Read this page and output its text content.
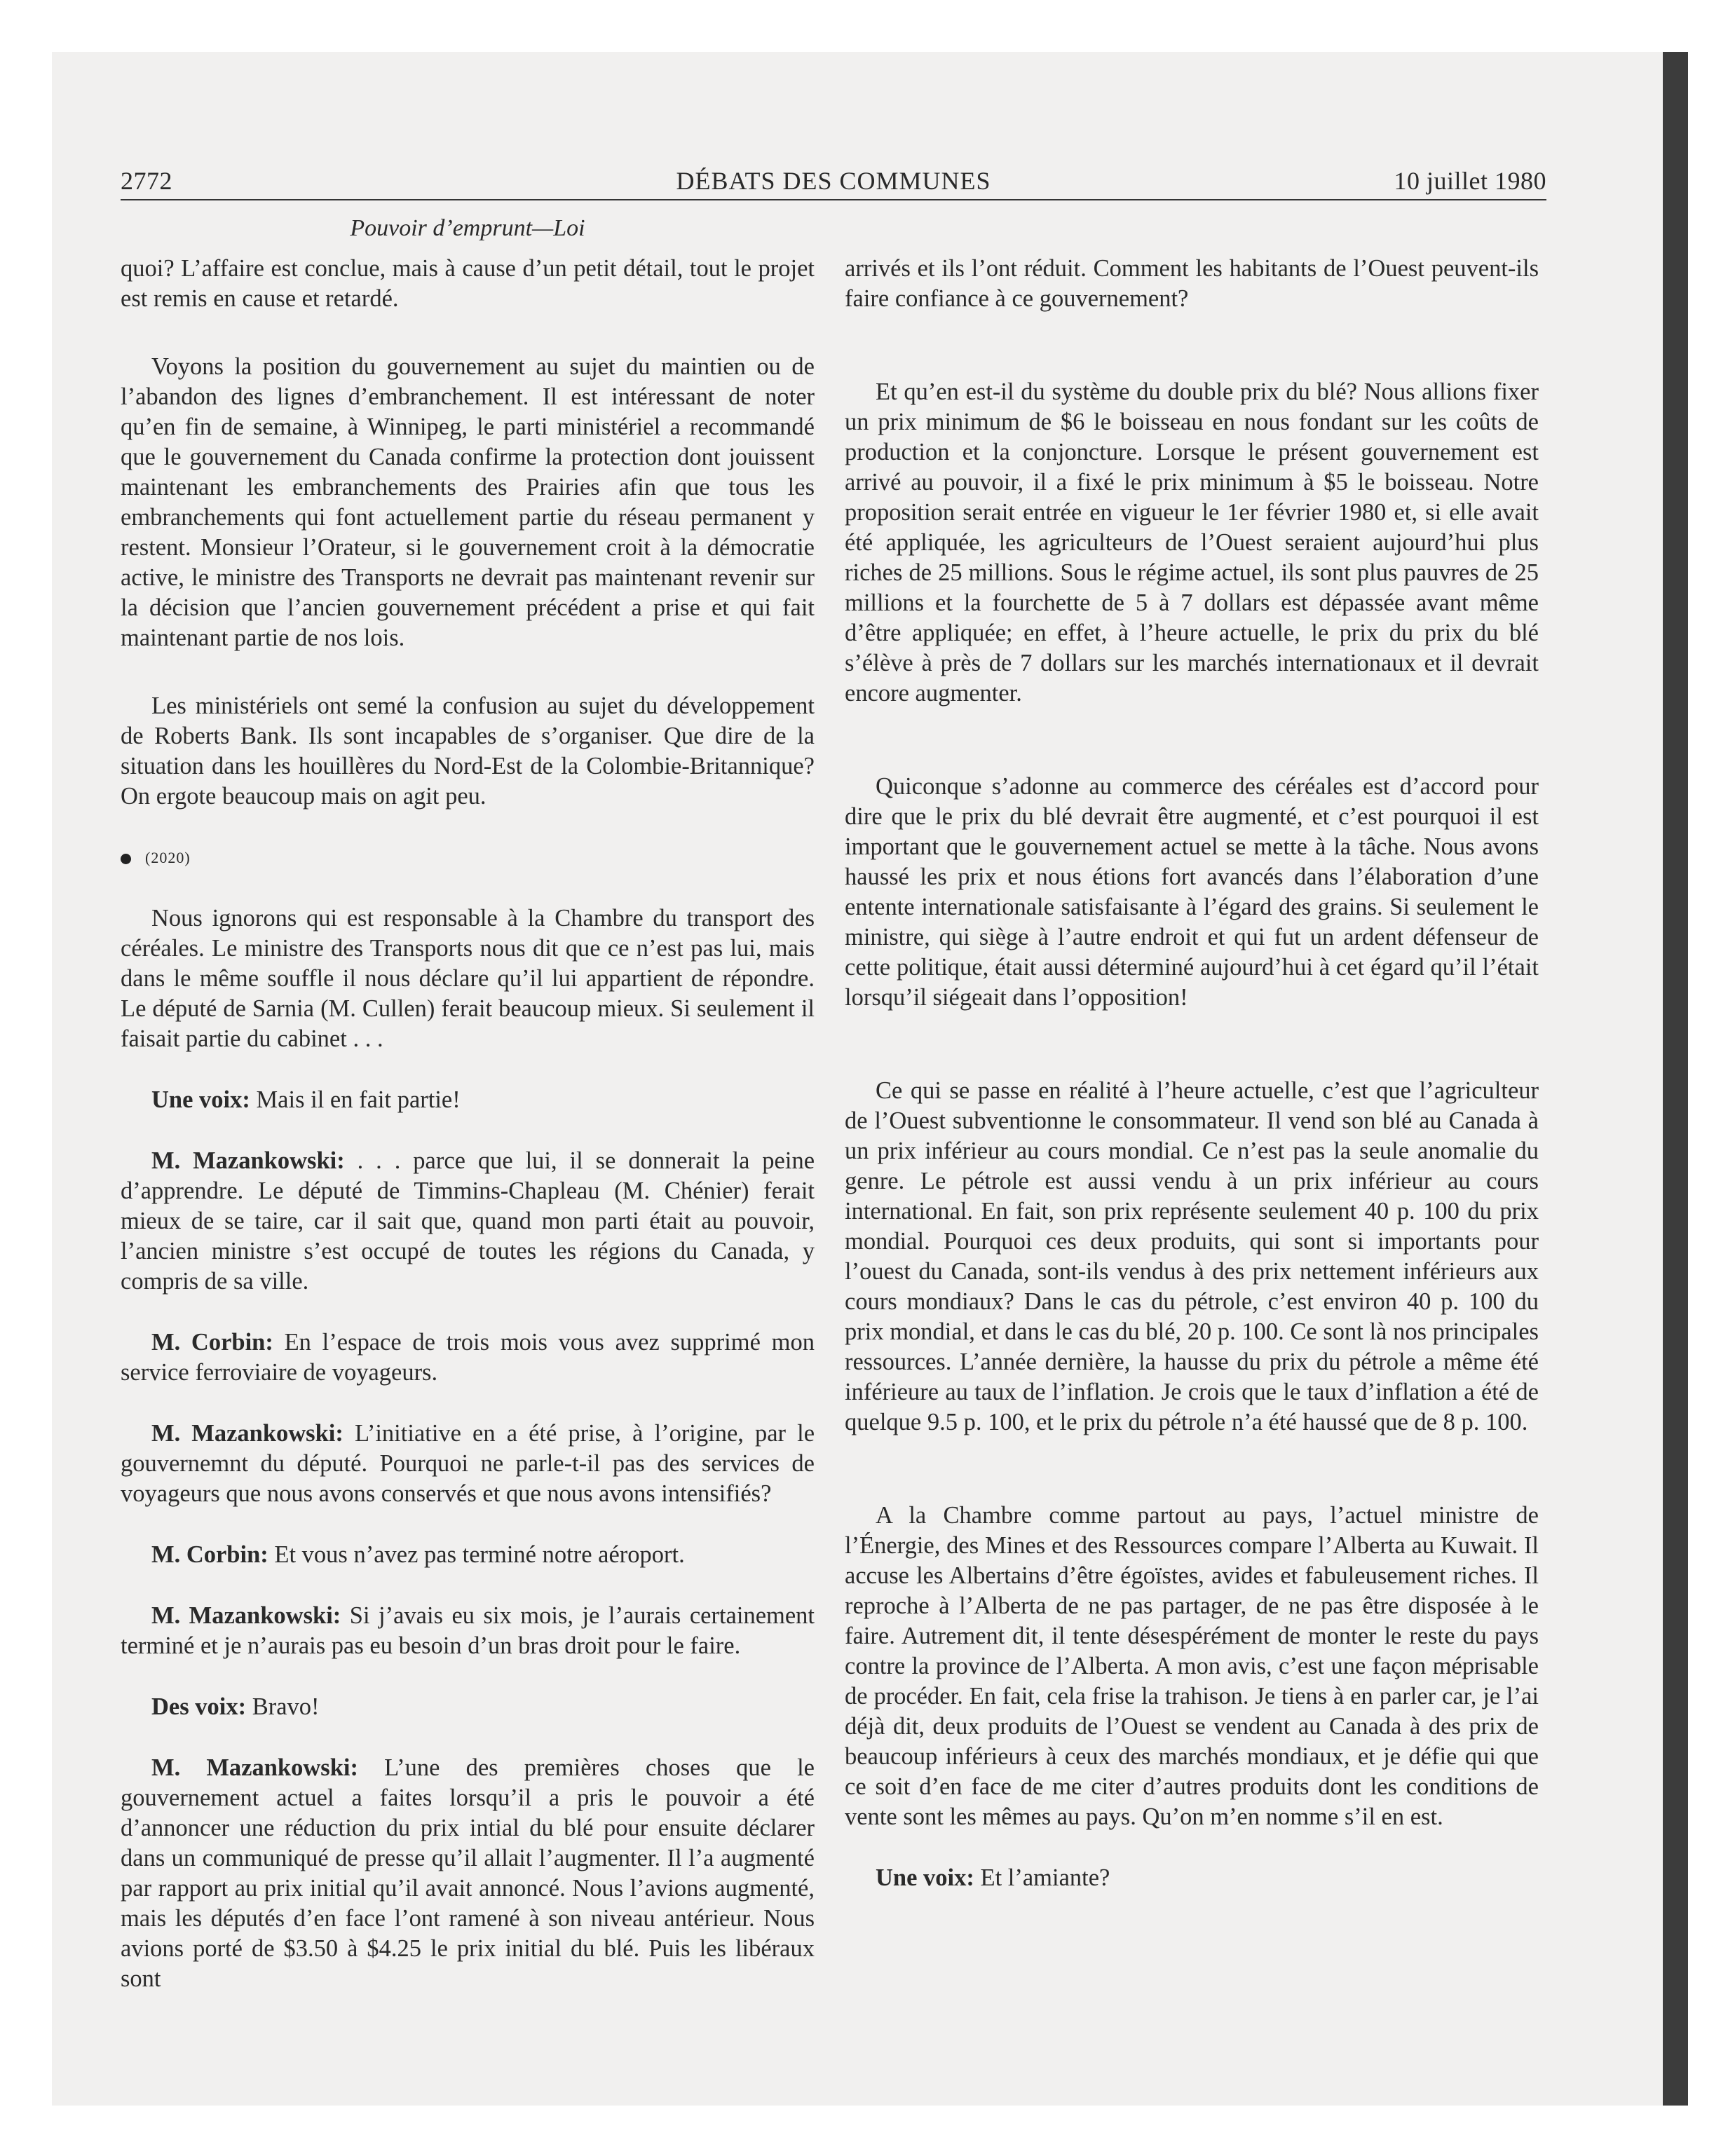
2772	DÉBATS DES COMMUNES	10 juillet 1980
Pouvoir d’emprunt—Loi

quoi? L’affaire est conclue, mais à cause d’un petit détail, tout le projet est remis en cause et retardé.

Voyons la position du gouvernement au sujet du maintien ou de l’abandon des lignes d’embranchement. Il est intéressant de noter qu’en fin de semaine, à Winnipeg, le parti ministériel a recommandé que le gouvernement du Canada confirme la protection dont jouissent maintenant les embranchements des Prairies afin que tous les embranchements qui font actuellement partie du réseau permanent y restent. Monsieur l’Orateur, si le gouvernement croit à la démocratie active, le ministre des Transports ne devrait pas maintenant revenir sur la décision que l’ancien gouvernement précédent a prise et qui fait maintenant partie de nos lois.

Les ministériels ont semé la confusion au sujet du développement de Roberts Bank. Ils sont incapables de s’organiser. Que dire de la situation dans les houillères du Nord-Est de la Colombie-Britannique? On ergote beaucoup mais on agit peu.

(2020)

Nous ignorons qui est responsable à la Chambre du transport des céréales. Le ministre des Transports nous dit que ce n’est pas lui, mais dans le même souffle il nous déclare qu’il lui appartient de répondre. Le député de Sarnia (M. Cullen) ferait beaucoup mieux. Si seulement il faisait partie du cabinet . . .

Une voix: Mais il en fait partie!

M. Mazankowski: . . . parce que lui, il se donnerait la peine d’apprendre. Le député de Timmins-Chapleau (M. Chénier) ferait mieux de se taire, car il sait que, quand mon parti était au pouvoir, l’ancien ministre s’est occupé de toutes les régions du Canada, y compris de sa ville.

M. Corbin: En l’espace de trois mois vous avez supprimé mon service ferroviaire de voyageurs.

M. Mazankowski: L’initiative en a été prise, à l’origine, par le gouvernemnt du député. Pourquoi ne parle-t-il pas des services de voyageurs que nous avons conservés et que nous avons intensifiés?

M. Corbin: Et vous n’avez pas terminé notre aéroport.

M. Mazankowski: Si j’avais eu six mois, je l’aurais certainement terminé et je n’aurais pas eu besoin d’un bras droit pour le faire.

Des voix: Bravo!

M. Mazankowski: L’une des premières choses que le gouvernement actuel a faites lorsqu’il a pris le pouvoir a été d’annoncer une réduction du prix intial du blé pour ensuite déclarer dans un communiqué de presse qu’il allait l’augmenter. Il l’a augmenté par rapport au prix initial qu’il avait annoncé. Nous l’avions augmenté, mais les députés d’en face l’ont ramené à son niveau antérieur. Nous avions porté de $3.50 à $4.25 le prix initial du blé. Puis les libéraux sont

arrivés et ils l’ont réduit. Comment les habitants de l’Ouest peuvent-ils faire confiance à ce gouvernement?

Et qu’en est-il du système du double prix du blé? Nous allions fixer un prix minimum de $6 le boisseau en nous fondant sur les coûts de production et la conjoncture. Lorsque le présent gouvernement est arrivé au pouvoir, il a fixé le prix minimum à $5 le boisseau. Notre proposition serait entrée en vigueur le 1er février 1980 et, si elle avait été appliquée, les agriculteurs de l’Ouest seraient aujourd’hui plus riches de 25 millions. Sous le régime actuel, ils sont plus pauvres de 25 millions et la fourchette de 5 à 7 dollars est dépassée avant même d’être appliquée; en effet, à l’heure actuelle, le prix du prix du blé s’élève à près de 7 dollars sur les marchés internationaux et il devrait encore augmenter.

Quiconque s’adonne au commerce des céréales est d’accord pour dire que le prix du blé devrait être augmenté, et c’est pourquoi il est important que le gouvernement actuel se mette à la tâche. Nous avons haussé les prix et nous étions fort avancés dans l’élaboration d’une entente internationale satisfaisante à l’égard des grains. Si seulement le ministre, qui siège à l’autre endroit et qui fut un ardent défenseur de cette politique, était aussi déterminé aujourd’hui à cet égard qu’il l’était lorsqu’il siégeait dans l’opposition!

Ce qui se passe en réalité à l’heure actuelle, c’est que l’agriculteur de l’Ouest subventionne le consommateur. Il vend son blé au Canada à un prix inférieur au cours mondial. Ce n’est pas la seule anomalie du genre. Le pétrole est aussi vendu à un prix inférieur au cours international. En fait, son prix représente seulement 40 p. 100 du prix mondial. Pourquoi ces deux produits, qui sont si importants pour l’ouest du Canada, sont-ils vendus à des prix nettement inférieurs aux cours mondiaux? Dans le cas du pétrole, c’est environ 40 p. 100 du prix mondial, et dans le cas du blé, 20 p. 100. Ce sont là nos principales ressources. L’année dernière, la hausse du prix du pétrole a même été inférieure au taux de l’inflation. Je crois que le taux d’inflation a été de quelque 9.5 p. 100, et le prix du pétrole n’a été haussé que de 8 p. 100.

A la Chambre comme partout au pays, l’actuel ministre de l’Énergie, des Mines et des Ressources compare l’Alberta au Kuwait. Il accuse les Albertains d’être égoïstes, avides et fabuleusement riches. Il reproche à l’Alberta de ne pas partager, de ne pas être disposée à le faire. Autrement dit, il tente désespérément de monter le reste du pays contre la province de l’Alberta. A mon avis, c’est une façon méprisable de procéder. En fait, cela frise la trahison. Je tiens à en parler car, je l’ai déjà dit, deux produits de l’Ouest se vendent au Canada à des prix de beaucoup inférieurs à ceux des marchés mondiaux, et je défie qui que ce soit d’en face de me citer d’autres produits dont les conditions de vente sont les mêmes au pays. Qu’on m’en nomme s’il en est.

Une voix: Et l’amiante?
